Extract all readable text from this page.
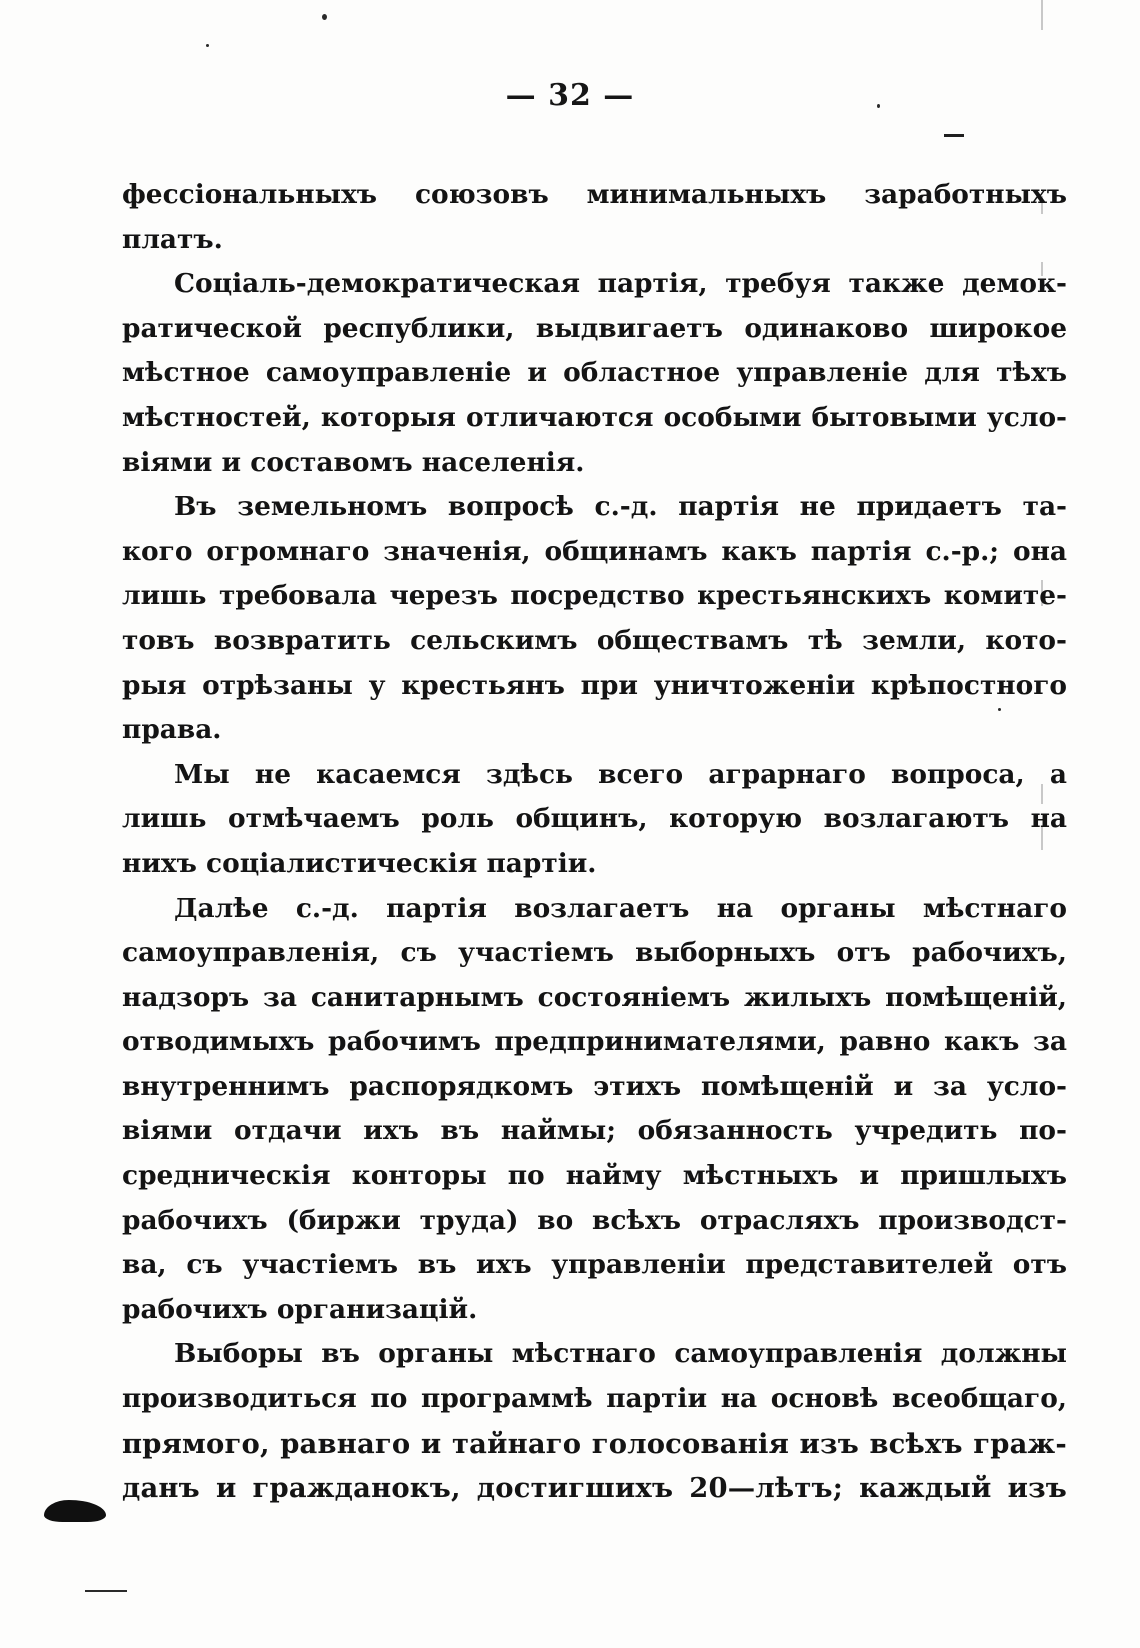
— 32 —
фессіональныхъ союзовъ минимальныхъ заработныхъ
платъ.
Соціаль-демократическая партія, требуя также демок-
ратической республики, выдвигаетъ одинаково широкое
мѣстное самоуправленіе и областное управленіе для тѣхъ
мѣстностей, которыя отличаются особыми бытовыми усло-
віями и составомъ населенія.
Въ земельномъ вопросѣ с.-д. партія не придаетъ та-
кого огромнаго значенія, общинамъ какъ партія с.-р.; она
лишь требовала черезъ посредство крестьянскихъ комите-
товъ возвратить сельскимъ обществамъ тѣ земли, кото-
рыя отрѣзаны у крестьянъ при уничтоженіи крѣпостного
права.
Мы не касаемся здѣсь всего аграрнаго вопроса, а
лишь отмѣчаемъ роль общинъ, которую возлагаютъ на
нихъ соціалистическія партіи.
Далѣе с.-д. партія возлагаетъ на органы мѣстнаго
самоуправленія, съ участіемъ выборныхъ отъ рабочихъ,
надзоръ за санитарнымъ состояніемъ жилыхъ помѣщеній,
отводимыхъ рабочимъ предпринимателями, равно какъ за
внутреннимъ распорядкомъ этихъ помѣщеній и за усло-
віями отдачи ихъ въ наймы; обязанность учредить по-
средническія конторы по найму мѣстныхъ и пришлыхъ
рабочихъ (биржи труда) во всѣхъ отрасляхъ производст-
ва, съ участіемъ въ ихъ управленіи представителей отъ
рабочихъ организацій.
Выборы въ органы мѣстнаго самоуправленія должны
производиться по программѣ партіи на основѣ всеобщаго,
прямого, равнаго и тайнаго голосованія изъ всѣхъ граж-
данъ и гражданокъ, достигшихъ 20—лѣтъ; каждый изъ
